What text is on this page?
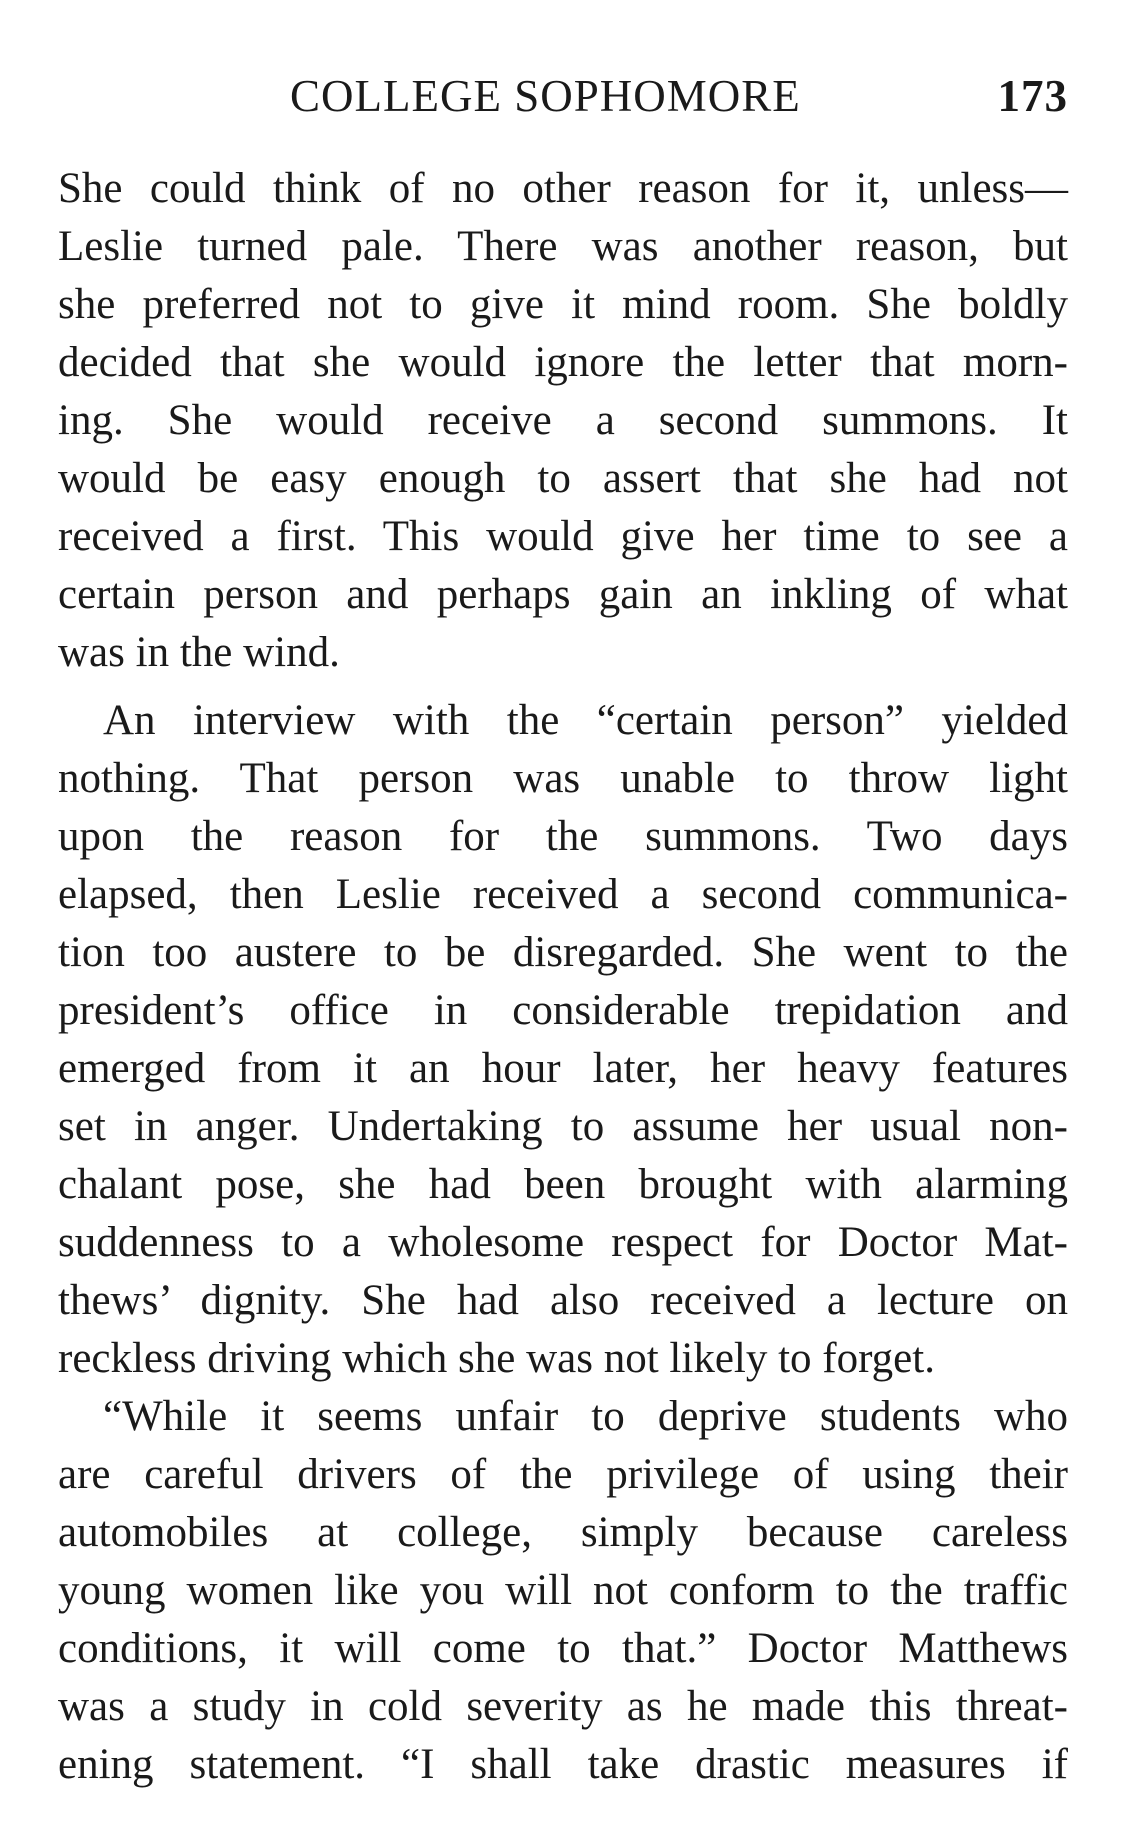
COLLEGE SOPHOMORE	173
She could think of no other reason for it, unless—
Leslie turned pale. There was another reason, but
she preferred not to give it mind room. She boldly
decided that she would ignore the letter that morn-
ing. She would receive a second summons. It
would be easy enough to assert that she had not
received a first. This would give her time to see a
certain person and perhaps gain an inkling of what
was in the wind.
An interview with the “certain person” yielded
nothing. That person was unable to throw light
upon the reason for the summons. Two days
elapsed, then Leslie received a second communica-
tion too austere to be disregarded. She went to the
president’s office in considerable trepidation and
emerged from it an hour later, her heavy features
set in anger. Undertaking to assume her usual non-
chalant pose, she had been brought with alarming
suddenness to a wholesome respect for Doctor Mat-
thews’ dignity. She had also received a lecture on
reckless driving which she was not likely to forget.
“While it seems unfair to deprive students who
are careful drivers of the privilege of using their
automobiles at college, simply because careless
young women like you will not conform to the traffic
conditions, it will come to that.” Doctor Matthews
was a study in cold severity as he made this threat-
ening statement. “I shall take drastic measures if
